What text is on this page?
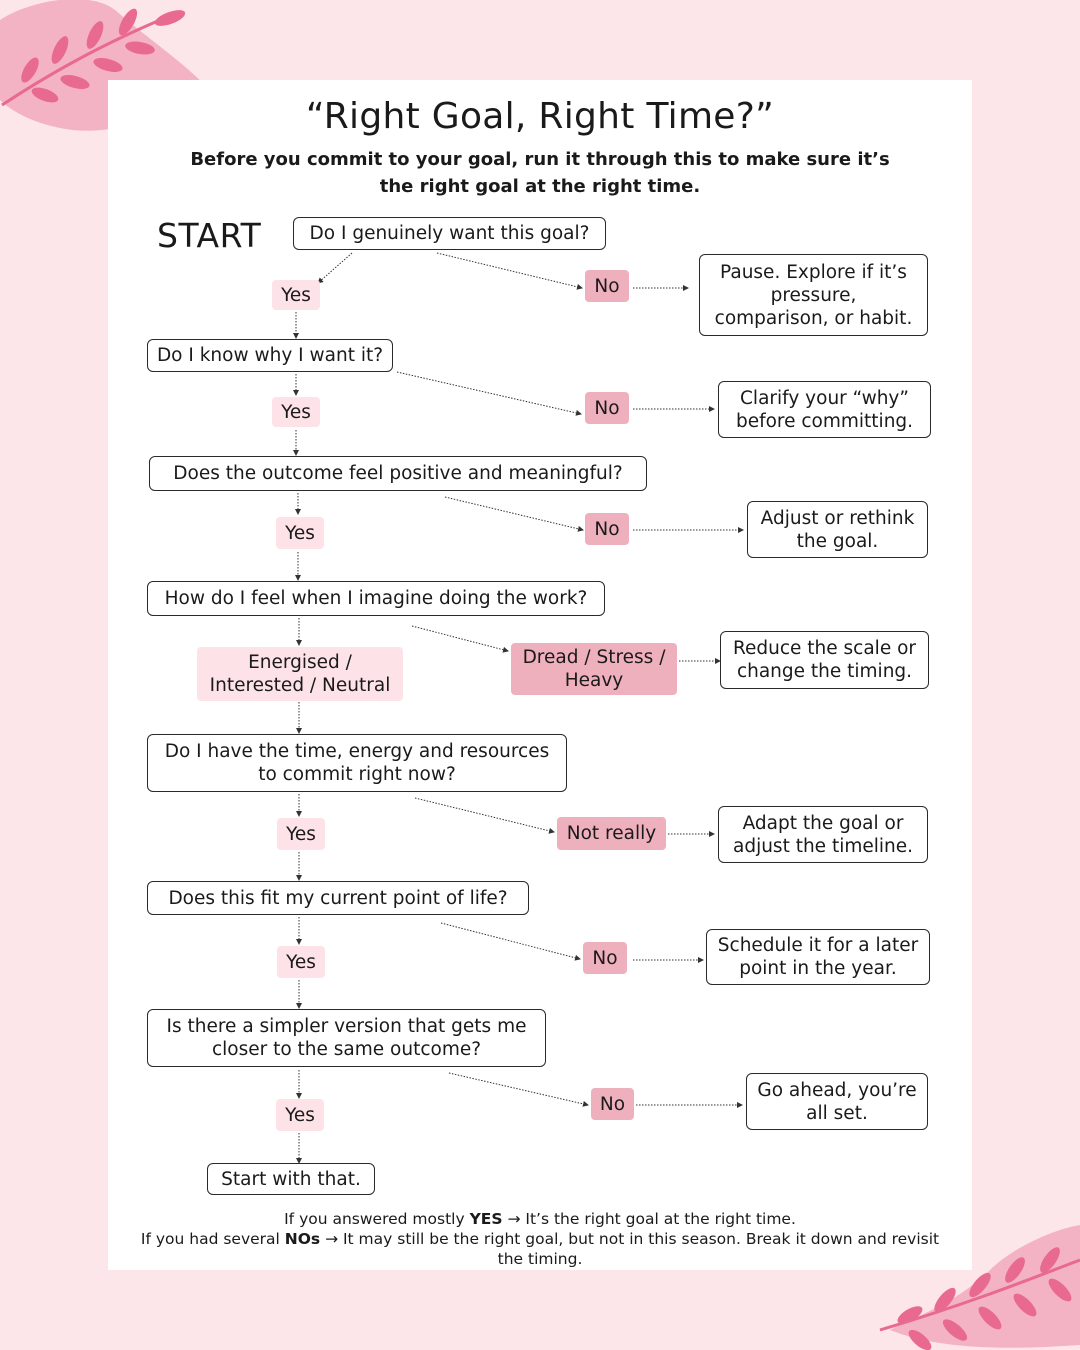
“Right Goal, Right Time?”
Before you commit to your goal, run it through this to make sure it’s the right goal at the right time.
START	Do I genuinely want this goal?
Do I know why I want it?
Does the outcome feel positive and meaningful?
How do I feel when I imagine doing the work?
Do I have the time, energy and resources
to commit right now?
Does this fit my current point of life?
Is there a simpler version that gets me
closer to the same outcome?
Yes
Yes
Yes
Energised /
Interested / Neutral
Yes
Yes
Yes
No
No
No
Dread / Stress /
Heavy
Not really
No
No
Pause. Explore if it’s
pressure,
comparison, or habit.
Clarify your “why”
before committing.
Adjust or rethink
the goal.
Reduce the scale or
change the timing.
Adapt the goal or
adjust the timeline.
Schedule it for a later
point in the year.
Go ahead, you’re
all set.
Start with that.
If you answered mostly YES → It’s the right goal at the right time.
If you had several NOs → It may still be the right goal, but not in this season. Break it down and revisit the timing.
